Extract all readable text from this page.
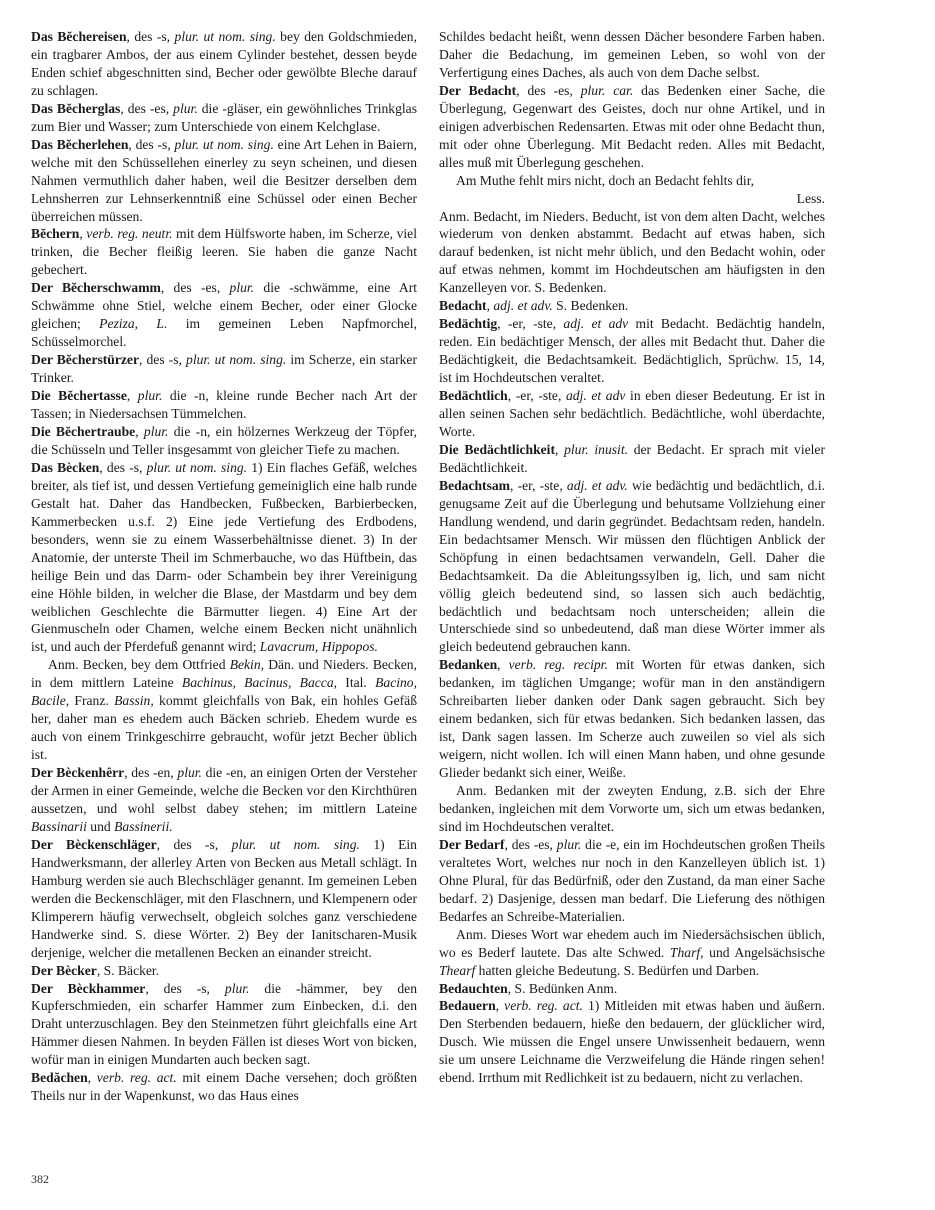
Das Bĕchereisen, des -s, plur. ut nom. sing. bey den Goldschmieden, ein tragbarer Ambos, der aus einem Cylinder bestehet, dessen beyde Enden schief abgeschnitten sind, Becher oder gewölbte Bleche darauf zu schlagen.

Das Bĕcherglas, des -es, plur. die -gläser, ein gewöhnliches Trinkglas zum Bier und Wasser; zum Unterschiede von einem Kelchglase.

Das Bĕcherlehen, des -s, plur. ut nom. sing. eine Art Lehen in Baiern, welche mit den Schüssellehen einerley zu seyn scheinen, und diesen Nahmen vermuthlich daher haben, weil die Besitzer derselben dem Lehnsherren zur Lehnserkenntniß eine Schüssel oder einen Becher überreichen müssen.

Bĕchern, verb. reg. neutr. mit dem Hülfsworte haben, im Scherze, viel trinken, die Becher fleißig leeren. Sie haben die ganze Nacht gebechert.

Der Bĕcherschwamm, des -es, plur. die -schwämme, eine Art Schwämme ohne Stiel, welche einem Becher, oder einer Glocke gleichen; Peziza, L. im gemeinen Leben Napfmorchel, Schüsselmorchel.

Der Bĕcherstürzer, des -s, plur. ut nom. sing. im Scherze, ein starker Trinker.

Die Bĕchertasse, plur. die -n, kleine runde Becher nach Art der Tassen; in Niedersachsen Tümmelchen.

Die Bĕchertraube, plur. die -n, ein hölzernes Werkzeug der Töpfer, die Schüsseln und Teller insgesammt von gleicher Tiefe zu machen.

Das Bècken, des -s, plur. ut nom. sing. 1) Ein flaches Gefäß, welches breiter, als tief ist, und dessen Vertiefung gemeiniglich eine halb runde Gestalt hat. Daher das Handbecken, Fußbecken, Barbierbecken, Kammerbecken u.s.f. 2) Eine jede Vertiefung des Erdbodens, besonders, wenn sie zu einem Wasserbehältnisse dienet. 3) In der Anatomie, der unterste Theil im Schmerbauche, wo das Hüftbein, das heilige Bein und das Darm- oder Schambein bey ihrer Vereinigung eine Höhle bilden, in welcher die Blase, der Mastdarm und bey dem weiblichen Geschlechte die Bärmutter liegen. 4) Eine Art der Gienmuscheln oder Chamen, welche einem Becken nicht unähnlich ist, und auch der Pferdefuß genannt wird; Lavacrum, Hippopos.

Anm. Becken, bey dem Ottfried Bekin, Dän. und Nieders. Becken, in dem mittlern Lateine Bachinus, Bacinus, Bacca, Ital. Bacino, Bacile, Franz. Bassin, kommt gleichfalls von Bak, ein hohles Gefäß her, daher man es ehedem auch Bäcken schrieb. Ehedem wurde es auch von einem Trinkgeschirre gebraucht, wofür jetzt Becher üblich ist.

Der Bèckenhêrr, des -en, plur. die -en, an einigen Orten der Versteher der Armen in einer Gemeinde, welche die Becken vor den Kirchthüren aussetzen, und wohl selbst dabey stehen; im mittlern Lateine Bassinarii und Bassinerii.

Der Bèckenschläger, des -s, plur. ut nom. sing. 1) Ein Handwerksmann, der allerley Arten von Becken aus Metall schlägt. In Hamburg werden sie auch Blechschläger genannt. Im gemeinen Leben werden die Beckenschläger, mit den Flaschnern, und Klempenern oder Klimperern häufig verwechselt, obgleich solches ganz verschiedene Handwerke sind. S. diese Wörter. 2) Bey der Ianitscharen-Musik derjenige, welcher die metallenen Becken an einander streicht.

Der Bècker, S. Bäcker.

Der Bèckhammer, des -s, plur. die -hämmer, bey den Kupferschmieden, ein scharfer Hammer zum Einbecken, d.i. den Draht unterzuschlagen. Bey den Steinmetzen führt gleichfalls eine Art Hämmer diesen Nahmen. In beyden Fällen ist dieses Wort von bicken, wofür man in einigen Mundarten auch becken sagt.

Bedăchen, verb. reg. act. mit einem Dache versehen; doch größten Theils nur in der Wapenkunst, wo das Haus eines

Schildes bedacht heißt, wenn dessen Dächer besondere Farben haben. Daher die Bedachung, im gemeinen Leben, so wohl von der Verfertigung eines Daches, als auch von dem Dache selbst.

Der Bedacht, des -es, plur. car. das Bedenken einer Sache, die Überlegung, Gegenwart des Geistes, doch nur ohne Artikel, und in einigen adverbischen Redensarten. Etwas mit oder ohne Bedacht thun, mit oder ohne Überlegung. Mit Bedacht reden. Alles mit Bedacht, alles muß mit Überlegung geschehen.

Am Muthe fehlt mirs nicht, doch an Bedacht fehlts dir,

Less.

Anm. Bedacht, im Nieders. Beducht, ist von dem alten Dacht, welches wiederum von denken abstammt. Bedacht auf etwas haben, sich darauf bedenken, ist nicht mehr üblich, und den Bedacht wohin, oder auf etwas nehmen, kommt im Hochdeutschen am häufigsten in den Kanzelleyen vor. S. Bedenken.

Bedacht, adj. et adv. S. Bedenken.

Bedächtig, -er, -ste, adj. et adv mit Bedacht. Bedächtig handeln, reden. Ein bedächtiger Mensch, der alles mit Bedacht thut. Daher die Bedächtigkeit, die Bedachtsamkeit. Bedächtiglich, Sprüchw. 15, 14, ist im Hochdeutschen veraltet.

Bedächtlich, -er, -ste, adj. et adv in eben dieser Bedeutung. Er ist in allen seinen Sachen sehr bedächtlich. Bedächtliche, wohl überdachte, Worte.

Die Bedächtlichkeit, plur. inusit. der Bedacht. Er sprach mit vieler Bedächtlichkeit.

Bedachtsam, -er, -ste, adj. et adv. wie bedächtig und bedächtlich, d.i. genugsame Zeit auf die Überlegung und behutsame Vollziehung einer Handlung wendend, und darin gegründet. Bedachtsam reden, handeln. Ein bedachtsamer Mensch. Wir müssen den flüchtigen Anblick der Schöpfung in einen bedachtsamen verwandeln, Gell. Daher die Bedachtsamkeit. Da die Ableitungssylben ig, lich, und sam nicht völlig gleich bedeutend sind, so lassen sich auch bedächtig, bedächtlich und bedachtsam noch unterscheiden; allein die Unterschiede sind so unbedeutend, daß man diese Wörter immer als gleich bedeutend gebrauchen kann.

Bedanken, verb. reg. recipr. mit Worten für etwas danken, sich bedanken, im täglichen Umgange; wofür man in den anständigern Schreibarten lieber danken oder Dank sagen gebraucht. Sich bey einem bedanken, sich für etwas bedanken. Sich bedanken lassen, das ist, Dank sagen lassen. Im Scherze auch zuweilen so viel als sich weigern, nicht wollen. Ich will einen Mann haben, und ohne gesunde Glieder bedankt sich einer, Weiße.

Anm. Bedanken mit der zweyten Endung, z.B. sich der Ehre bedanken, ingleichen mit dem Vorworte um, sich um etwas bedanken, sind im Hochdeutschen veraltet.

Der Bedarf, des -es, plur. die -e, ein im Hochdeutschen großen Theils veraltetes Wort, welches nur noch in den Kanzelleyen üblich ist. 1) Ohne Plural, für das Bedürfniß, oder den Zustand, da man einer Sache bedarf. 2) Dasjenige, dessen man bedarf. Die Lieferung des nöthigen Bedarfes an Schreibe-Materialien.

Anm. Dieses Wort war ehedem auch im Niedersächsischen üblich, wo es Bederf lautete. Das alte Schwed. Tharf, und Angelsächsische Thearf hatten gleiche Bedeutung. S. Bedürfen und Darben.

Bedauchten, S. Bedünken Anm.

Bedauern, verb. reg. act. 1) Mitleiden mit etwas haben und äußern. Den Sterbenden bedauern, hieße den bedauern, der glücklicher wird, Dusch. Wie müssen die Engel unsere Unwissenheit bedauern, wenn sie um unsere Leichname die Verzweifelung die Hände ringen sehen! ebend. Irrthum mit Redlichkeit ist zu bedauern, nicht zu verlachen.

382
